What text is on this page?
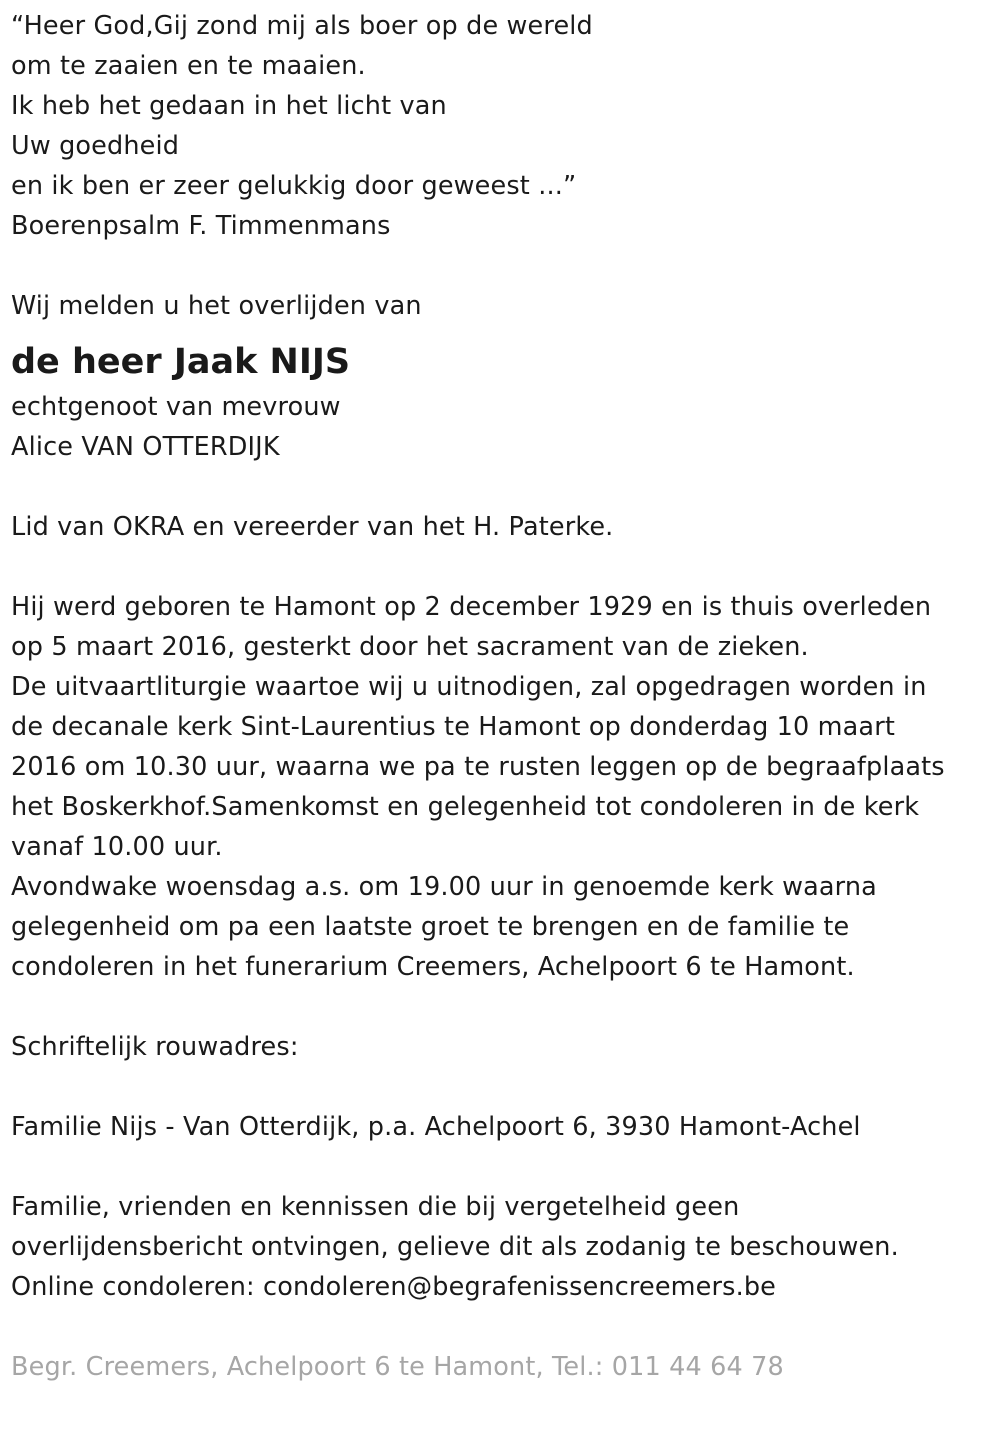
“Heer God,Gij zond mij als boer op de wereld
om te zaaien en te maaien.
Ik heb het gedaan in het licht van
Uw goedheid
en ik ben er zeer gelukkig door geweest ...”
Boerenpsalm F. Timmenmans
Wij melden u het overlijden van
de heer Jaak NIJS
echtgenoot van mevrouw
Alice VAN OTTERDIJK
Lid van OKRA en vereerder van het H. Paterke.
Hij werd geboren te Hamont op 2 december 1929 en is thuis overleden
op 5 maart 2016, gesterkt door het sacrament van de zieken.
De uitvaartliturgie waartoe wij u uitnodigen, zal opgedragen worden in
de decanale kerk Sint-Laurentius te Hamont op donderdag 10 maart
2016 om 10.30 uur, waarna we pa te rusten leggen op de begraafplaats
het Boskerkhof.Samenkomst en gelegenheid tot condoleren in de kerk
vanaf 10.00 uur.
Avondwake woensdag a.s. om 19.00 uur in genoemde kerk waarna
gelegenheid om pa een laatste groet te brengen en de familie te
condoleren in het funerarium Creemers, Achelpoort 6 te Hamont.
Schriftelijk rouwadres:
Familie Nijs - Van Otterdijk, p.a. Achelpoort 6, 3930 Hamont-Achel
Familie, vrienden en kennissen die bij vergetelheid geen
overlijdensbericht ontvingen, gelieve dit als zodanig te beschouwen.
Online condoleren: condoleren@begrafenissencreemers.be
Begr. Creemers, Achelpoort 6 te Hamont, Tel.: 011 44 64 78
